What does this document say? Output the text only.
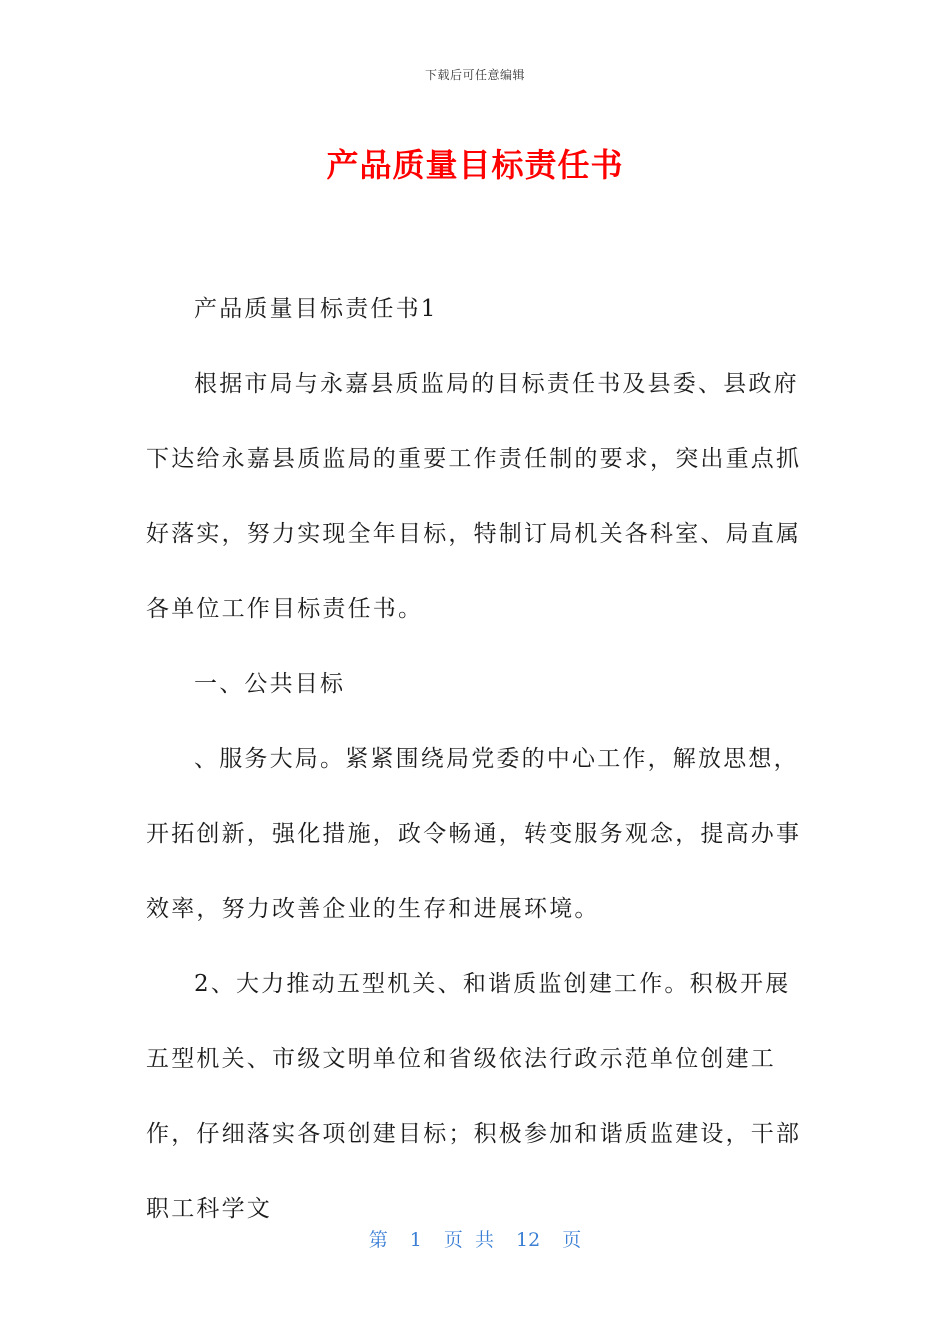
下载后可任意编辑
产品质量目标责任书

产品质量目标责任书1

根据市局与永嘉县质监局的目标责任书及县委、县政府下达给永嘉县质监局的重要工作责任制的要求，突出重点抓好落实，努力实现全年目标，特制订局机关各科室、局直属各单位工作目标责任书。

一、公共目标

、服务大局。紧紧围绕局党委的中心工作，解放思想，开拓创新，强化措施，政令畅通，转变服务观念，提高办事效率，努力改善企业的生存和进展环境。

2、大力推动五型机关、和谐质监创建工作。积极开展五型机关、市级文明单位和省级依法行政示范单位创建工作，仔细落实各项创建目标；积极参加和谐质监建设，干部职工科学文

第 1 页 共 12 页
